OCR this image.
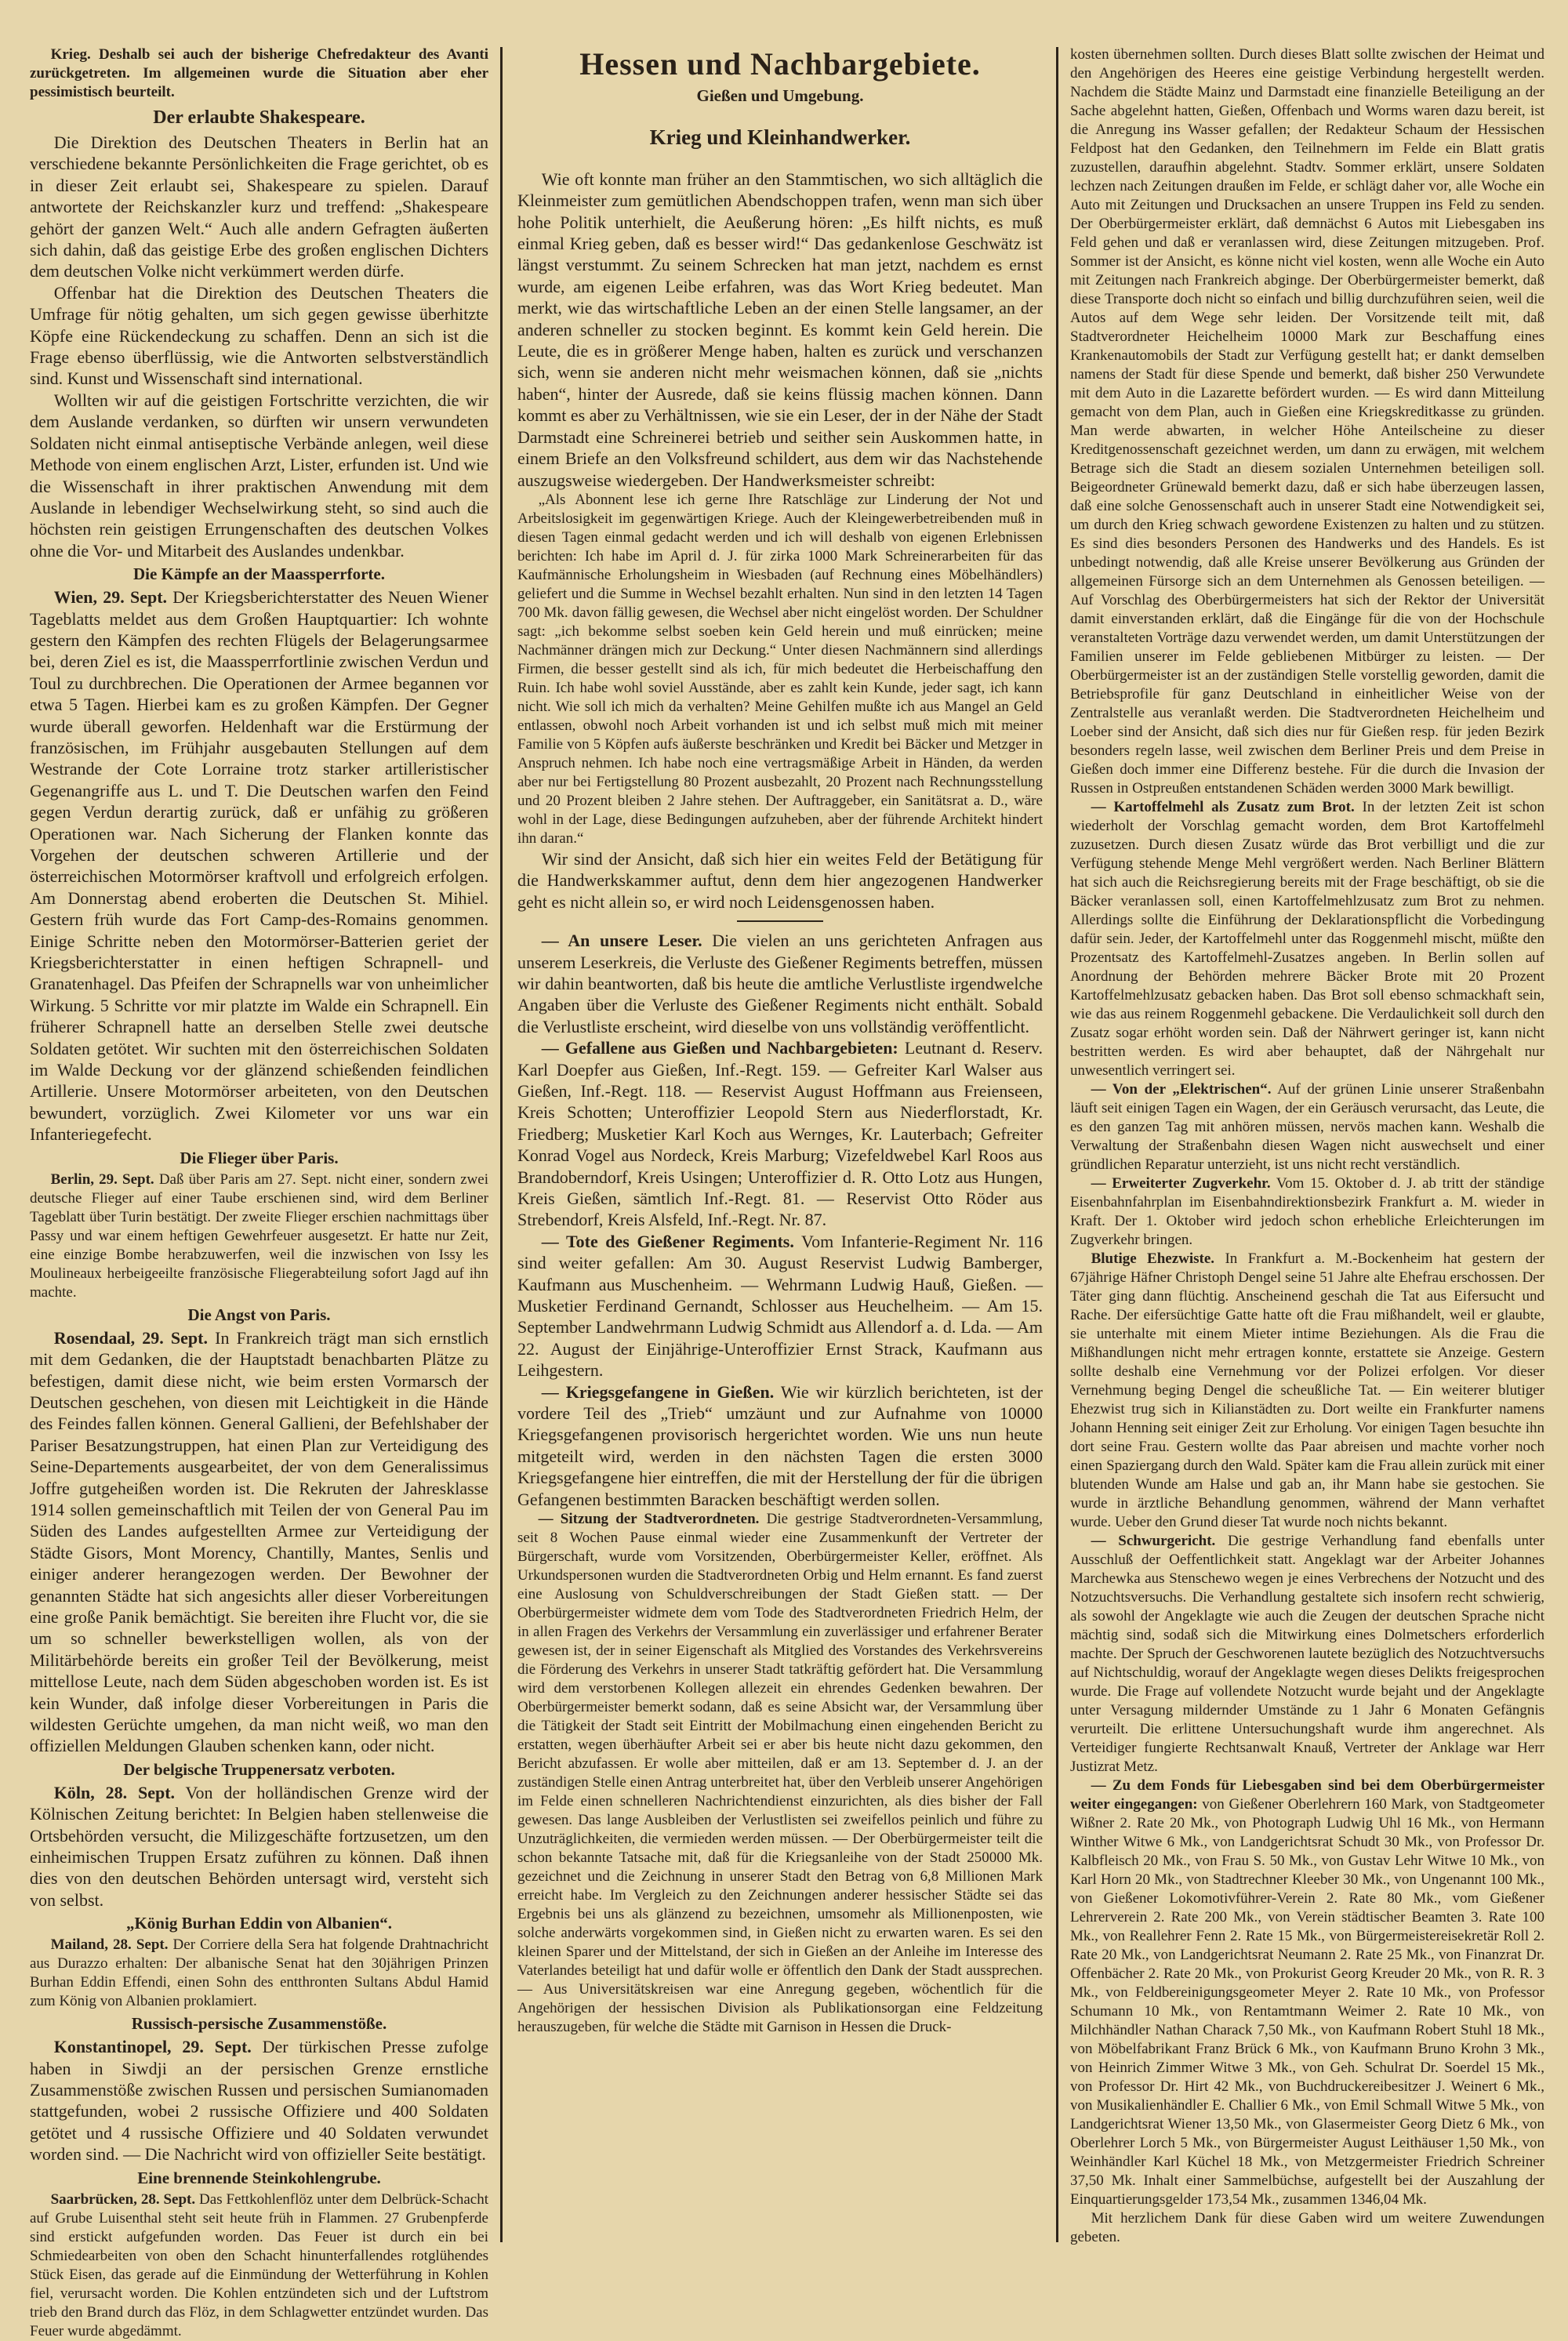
Krieg. Deshalb sei auch der bisherige Chefredakteur des Avanti zurückgetreten. Im allgemeinen wurde die Situation aber eher pessimistisch beurteilt.

Der erlaubte Shakespeare.

Die Direktion des Deutschen Theaters in Berlin hat an verschiedene bekannte Persönlichkeiten die Frage gerichtet, ob es in dieser Zeit erlaubt sei, Shakespeare zu spielen. Darauf antwortete der Reichskanzler kurz und treffend: „Shakespeare gehört der ganzen Welt.“ Auch alle andern Gefragten äußerten sich dahin, daß das geistige Erbe des großen englischen Dichters dem deutschen Volke nicht verkümmert werden dürfe.

Offenbar hat die Direktion des Deutschen Theaters die Umfrage für nötig gehalten, um sich gegen gewisse überhitzte Köpfe eine Rückendeckung zu schaffen. Denn an sich ist die Frage ebenso überflüssig, wie die Antworten selbstverständlich sind. Kunst und Wissenschaft sind international.

Wollten wir auf die geistigen Fortschritte verzichten, die wir dem Auslande verdanken, so dürften wir unsern verwundeten Soldaten nicht einmal antiseptische Verbände anlegen, weil diese Methode von einem englischen Arzt, Lister, erfunden ist. Und wie die Wissenschaft in ihrer praktischen Anwendung mit dem Auslande in lebendiger Wechselwirkung steht, so sind auch die höchsten rein geistigen Errungenschaften des deutschen Volkes ohne die Vor- und Mitarbeit des Auslandes undenkbar.

Die Kämpfe an der Maassperrforte.

Wien, 29. Sept. Der Kriegsberichterstatter des Neuen Wiener Tageblatts meldet aus dem Großen Hauptquartier: Ich wohnte gestern den Kämpfen des rechten Flügels der Belagerungsarmee bei, deren Ziel es ist, die Maassperrfortlinie zwischen Verdun und Toul zu durchbrechen. Die Operationen der Armee begannen vor etwa 5 Tagen. Hierbei kam es zu großen Kämpfen. Der Gegner wurde überall geworfen. Heldenhaft war die Erstürmung der französischen, im Frühjahr ausgebauten Stellungen auf dem Westrande der Cote Lorraine trotz starker artilleristischer Gegenangriffe aus L. und T. Die Deutschen warfen den Feind gegen Verdun derartig zurück, daß er unfähig zu größeren Operationen war. Nach Sicherung der Flanken konnte das Vorgehen der deutschen schweren Artillerie und der österreichischen Motormörser kraftvoll und erfolgreich erfolgen. Am Donnerstag abend eroberten die Deutschen St. Mihiel. Gestern früh wurde das Fort Camp-des-Romains genommen. Einige Schritte neben den Motormörser-Batterien geriet der Kriegsberichterstatter in einen heftigen Schrapnell- und Granatenhagel. Das Pfeifen der Schrapnells war von unheimlicher Wirkung. 5 Schritte vor mir platzte im Walde ein Schrapnell. Ein früherer Schrapnell hatte an derselben Stelle zwei deutsche Soldaten getötet. Wir suchten mit den österreichischen Soldaten im Walde Deckung vor der glänzend schießenden feindlichen Artillerie. Unsere Motormörser arbeiteten, von den Deutschen bewundert, vorzüglich. Zwei Kilometer vor uns war ein Infanteriegefecht.

Die Flieger über Paris.

Berlin, 29. Sept. Daß über Paris am 27. Sept. nicht einer, sondern zwei deutsche Flieger auf einer Taube erschienen sind, wird dem Berliner Tageblatt über Turin bestätigt. Der zweite Flieger erschien nachmittags über Passy und war einem heftigen Gewehrfeuer ausgesetzt. Er hatte nur Zeit, eine einzige Bombe herabzuwerfen, weil die inzwischen von Issy les Moulineaux herbeigeeilte französische Fliegerabteilung sofort Jagd auf ihn machte.

Die Angst von Paris.

Rosendaal, 29. Sept. In Frankreich trägt man sich ernstlich mit dem Gedanken, die der Hauptstadt benachbarten Plätze zu befestigen, damit diese nicht, wie beim ersten Vormarsch der Deutschen geschehen, von diesen mit Leichtigkeit in die Hände des Feindes fallen können. General Gallieni, der Befehlshaber der Pariser Besatzungstruppen, hat einen Plan zur Verteidigung des Seine-Departements ausgearbeitet, der von dem Generalissimus Joffre gutgeheißen worden ist. Die Rekruten der Jahresklasse 1914 sollen gemeinschaftlich mit Teilen der von General Pau im Süden des Landes aufgestellten Armee zur Verteidigung der Städte Gisors, Mont Morency, Chantilly, Mantes, Senlis und einiger anderer herangezogen werden. Der Bewohner der genannten Städte hat sich angesichts aller dieser Vorbereitungen eine große Panik bemächtigt. Sie bereiten ihre Flucht vor, die sie um so schneller bewerkstelligen wollen, als von der Militärbehörde bereits ein großer Teil der Bevölkerung, meist mittellose Leute, nach dem Süden abgeschoben worden ist. Es ist kein Wunder, daß infolge dieser Vorbereitungen in Paris die wildesten Gerüchte umgehen, da man nicht weiß, wo man den offiziellen Meldungen Glauben schenken kann, oder nicht.

Der belgische Truppenersatz verboten.

Köln, 28. Sept. Von der holländischen Grenze wird der Kölnischen Zeitung berichtet: In Belgien haben stellenweise die Ortsbehörden versucht, die Milizgeschäfte fortzusetzen, um den einheimischen Truppen Ersatz zuführen zu können. Daß ihnen dies von den deutschen Behörden untersagt wird, versteht sich von selbst.

„König Burhan Eddin von Albanien“.

Mailand, 28. Sept. Der Corriere della Sera hat folgende Drahtnachricht aus Durazzo erhalten: Der albanische Senat hat den 30jährigen Prinzen Burhan Eddin Effendi, einen Sohn des entthronten Sultans Abdul Hamid zum König von Albanien proklamiert.

Russisch-persische Zusammenstöße.

Konstantinopel, 29. Sept. Der türkischen Presse zufolge haben in Siwdji an der persischen Grenze ernstliche Zusammenstöße zwischen Russen und persischen Sumianomaden stattgefunden, wobei 2 russische Offiziere und 400 Soldaten getötet und 4 russische Offiziere und 40 Soldaten verwundet worden sind. — Die Nachricht wird von offizieller Seite bestätigt.

Eine brennende Steinkohlengrube.

Saarbrücken, 28. Sept. Das Fettkohlenflöz unter dem Delbrück-Schacht auf Grube Luisenthal steht seit heute früh in Flammen. 27 Grubenpferde sind erstickt aufgefunden worden. Das Feuer ist durch ein bei Schmiedearbeiten von oben den Schacht hinunterfallendes rotglühendes Stück Eisen, das gerade auf die Einmündung der Wetterführung in Kohlen fiel, verursacht worden. Die Kohlen entzündeten sich und der Luftstrom trieb den Brand durch das Flöz, in dem Schlagwetter entzündet wurden. Das Feuer wurde abgedämmt.

Hessen und Nachbargebiete.
Gießen und Umgebung.
Krieg und Kleinhandwerker.

Wie oft konnte man früher an den Stammtischen, wo sich alltäglich die Kleinmeister zum gemütlichen Abendschoppen trafen, wenn man sich über hohe Politik unterhielt, die Aeußerung hören: „Es hilft nichts, es muß einmal Krieg geben, daß es besser wird!“ Das gedankenlose Geschwätz ist längst verstummt. Zu seinem Schrecken hat man jetzt, nachdem es ernst wurde, am eigenen Leibe erfahren, was das Wort Krieg bedeutet. Man merkt, wie das wirtschaftliche Leben an der einen Stelle langsamer, an der anderen schneller zu stocken beginnt. Es kommt kein Geld herein. Die Leute, die es in größerer Menge haben, halten es zurück und verschanzen sich, wenn sie anderen nicht mehr weismachen können, daß sie „nichts haben“, hinter der Ausrede, daß sie keins flüssig machen können. Dann kommt es aber zu Verhältnissen, wie sie ein Leser, der in der Nähe der Stadt Darmstadt eine Schreinerei betrieb und seither sein Auskommen hatte, in einem Briefe an den Volksfreund schildert, aus dem wir das Nachstehende auszugsweise wiedergeben. Der Handwerksmeister schreibt:

„Als Abonnent lese ich gerne Ihre Ratschläge zur Linderung der Not und Arbeitslosigkeit im gegenwärtigen Kriege. Auch der Kleingewerbetreibenden muß in diesen Tagen einmal gedacht werden und ich will deshalb von eigenen Erlebnissen berichten: Ich habe im April d. J. für zirka 1000 Mark Schreinerarbeiten für das Kaufmännische Erholungsheim in Wiesbaden (auf Rechnung eines Möbelhändlers) geliefert und die Summe in Wechsel bezahlt erhalten. Nun sind in den letzten 14 Tagen 700 Mk. davon fällig gewesen, die Wechsel aber nicht eingelöst worden. Der Schuldner sagt: „ich bekomme selbst soeben kein Geld herein und muß einrücken; meine Nachmänner drängen mich zur Deckung.“ Unter diesen Nachmännern sind allerdings Firmen, die besser gestellt sind als ich, für mich bedeutet die Herbeischaffung den Ruin. Ich habe wohl soviel Ausstände, aber es zahlt kein Kunde, jeder sagt, ich kann nicht. Wie soll ich mich da verhalten? Meine Gehilfen mußte ich aus Mangel an Geld entlassen, obwohl noch Arbeit vorhanden ist und ich selbst muß mich mit meiner Familie von 5 Köpfen aufs äußerste beschränken und Kredit bei Bäcker und Metzger in Anspruch nehmen. Ich habe noch eine vertragsmäßige Arbeit in Händen, da werden aber nur bei Fertigstellung 80 Prozent ausbezahlt, 20 Prozent nach Rechnungsstellung und 20 Prozent bleiben 2 Jahre stehen. Der Auftraggeber, ein Sanitätsrat a. D., wäre wohl in der Lage, diese Bedingungen aufzuheben, aber der führende Architekt hindert ihn daran.“

Wir sind der Ansicht, daß sich hier ein weites Feld der Betätigung für die Handwerkskammer auftut, denn dem hier angezogenen Handwerker geht es nicht allein so, er wird noch Leidensgenossen haben.

— An unsere Leser. Die vielen an uns gerichteten Anfragen aus unserem Leserkreis, die Verluste des Gießener Regiments betreffen, müssen wir dahin beantworten, daß bis heute die amtliche Verlustliste irgendwelche Angaben über die Verluste des Gießener Regiments nicht enthält. Sobald die Verlustliste erscheint, wird dieselbe von uns vollständig veröffentlicht.

— Gefallene aus Gießen und Nachbargebieten: Leutnant d. Reserv. Karl Doepfer aus Gießen, Inf.-Regt. 159. — Gefreiter Karl Walser aus Gießen, Inf.-Regt. 118. — Reservist August Hoffmann aus Freienseen, Kreis Schotten; Unteroffizier Leopold Stern aus Niederflorstadt, Kr. Friedberg; Musketier Karl Koch aus Wernges, Kr. Lauterbach; Gefreiter Konrad Vogel aus Nordeck, Kreis Marburg; Vizefeldwebel Karl Roos aus Brandoberndorf, Kreis Usingen; Unteroffizier d. R. Otto Lotz aus Hungen, Kreis Gießen, sämtlich Inf.-Regt. 81. — Reservist Otto Röder aus Strebendorf, Kreis Alsfeld, Inf.-Regt. Nr. 87.

— Tote des Gießener Regiments. Vom Infanterie-Regiment Nr. 116 sind weiter gefallen: Am 30. August Reservist Ludwig Bamberger, Kaufmann aus Muschenheim. — Wehrmann Ludwig Hauß, Gießen. — Musketier Ferdinand Gernandt, Schlosser aus Heuchelheim. — Am 15. September Landwehrmann Ludwig Schmidt aus Allendorf a. d. Lda. — Am 22. August der Einjährige-Unteroffizier Ernst Strack, Kaufmann aus Leihgestern.

— Kriegsgefangene in Gießen. Wie wir kürzlich berichteten, ist der vordere Teil des „Trieb“ umzäunt und zur Aufnahme von 10000 Kriegsgefangenen provisorisch hergerichtet worden. Wie uns nun heute mitgeteilt wird, werden in den nächsten Tagen die ersten 3000 Kriegsgefangene hier eintreffen, die mit der Herstellung der für die übrigen Gefangenen bestimmten Baracken beschäftigt werden sollen.

— Sitzung der Stadtverordneten. Die gestrige Stadtverordneten-Versammlung, seit 8 Wochen Pause einmal wieder eine Zusammenkunft der Vertreter der Bürgerschaft, wurde vom Vorsitzenden, Oberbürgermeister Keller, eröffnet. Als Urkundspersonen wurden die Stadtverordneten Orbig und Helm ernannt. Es fand zuerst eine Auslosung von Schuldverschreibungen der Stadt Gießen statt. — Der Oberbürgermeister widmete dem vom Tode des Stadtverordneten Friedrich Helm, der in allen Fragen des Verkehrs der Versammlung ein zuverlässiger und erfahrener Berater gewesen ist, der in seiner Eigenschaft als Mitglied des Vorstandes des Verkehrsvereins die Förderung des Verkehrs in unserer Stadt tatkräftig gefördert hat. Die Versammlung wird dem verstorbenen Kollegen allezeit ein ehrendes Gedenken bewahren. Der Oberbürgermeister bemerkt sodann, daß es seine Absicht war, der Versammlung über die Tätigkeit der Stadt seit Eintritt der Mobilmachung einen eingehenden Bericht zu erstatten, wegen überhäufter Arbeit sei er aber bis heute nicht dazu gekommen, den Bericht abzufassen. Er wolle aber mitteilen, daß er am 13. September d. J. an der zuständigen Stelle einen Antrag unterbreitet hat, über den Verbleib unserer Angehörigen im Felde einen schnelleren Nachrichtendienst einzurichten, als dies bisher der Fall gewesen. Das lange Ausbleiben der Verlustlisten sei zweifellos peinlich und führe zu Unzuträglichkeiten, die vermieden werden müssen. — Der Oberbürgermeister teilt die schon bekannte Tatsache mit, daß für die Kriegsanleihe von der Stadt 250000 Mk. gezeichnet und die Zeichnung in unserer Stadt den Betrag von 6,8 Millionen Mark erreicht habe. Im Vergleich zu den Zeichnungen anderer hessischer Städte sei das Ergebnis bei uns als glänzend zu bezeichnen, umsomehr als Millionenposten, wie solche anderwärts vorgekommen sind, in Gießen nicht zu erwarten waren. Es sei den kleinen Sparer und der Mittelstand, der sich in Gießen an der Anleihe im Interesse des Vaterlandes beteiligt hat und dafür wolle er öffentlich den Dank der Stadt aussprechen. — Aus Universitätskreisen war eine Anregung gegeben, wöchentlich für die Angehörigen der hessischen Division als Publikationsorgan eine Feldzeitung herauszugeben, für welche die Städte mit Garnison in Hessen die Druck-

kosten übernehmen sollten. Durch dieses Blatt sollte zwischen der Heimat und den Angehörigen des Heeres eine geistige Verbindung hergestellt werden. Nachdem die Städte Mainz und Darmstadt eine finanzielle Beteiligung an der Sache abgelehnt hatten, Gießen, Offenbach und Worms waren dazu bereit, ist die Anregung ins Wasser gefallen; der Redakteur Schaum der Hessischen Feldpost hat den Gedanken, den Teilnehmern im Felde ein Blatt gratis zuzustellen, daraufhin abgelehnt. Stadtv. Sommer erklärt, unsere Soldaten lechzen nach Zeitungen draußen im Felde, er schlägt daher vor, alle Woche ein Auto mit Zeitungen und Drucksachen an unsere Truppen ins Feld zu senden. Der Oberbürgermeister erklärt, daß demnächst 6 Autos mit Liebesgaben ins Feld gehen und daß er veranlassen wird, diese Zeitungen mitzugeben. Prof. Sommer ist der Ansicht, es könne nicht viel kosten, wenn alle Woche ein Auto mit Zeitungen nach Frankreich abginge. Der Oberbürgermeister bemerkt, daß diese Transporte doch nicht so einfach und billig durchzuführen seien, weil die Autos auf dem Wege sehr leiden. Der Vorsitzende teilt mit, daß Stadtverordneter Heichelheim 10000 Mark zur Beschaffung eines Krankenautomobils der Stadt zur Verfügung gestellt hat; er dankt demselben namens der Stadt für diese Spende und bemerkt, daß bisher 250 Verwundete mit dem Auto in die Lazarette befördert wurden. — Es wird dann Mitteilung gemacht von dem Plan, auch in Gießen eine Kriegskreditkasse zu gründen. Man werde abwarten, in welcher Höhe Anteilscheine zu dieser Kreditgenossenschaft gezeichnet werden, um dann zu erwägen, mit welchem Betrage sich die Stadt an diesem sozialen Unternehmen beteiligen soll. Beigeordneter Grünewald bemerkt dazu, daß er sich habe überzeugen lassen, daß eine solche Genossenschaft auch in unserer Stadt eine Notwendigkeit sei, um durch den Krieg schwach gewordene Existenzen zu halten und zu stützen. Es sind dies besonders Personen des Handwerks und des Handels. Es ist unbedingt notwendig, daß alle Kreise unserer Bevölkerung aus Gründen der allgemeinen Fürsorge sich an dem Unternehmen als Genossen beteiligen. — Auf Vorschlag des Oberbürgermeisters hat sich der Rektor der Universität damit einverstanden erklärt, daß die Eingänge für die von der Hochschule veranstalteten Vorträge dazu verwendet werden, um damit Unterstützungen der Familien unserer im Felde gebliebenen Mitbürger zu leisten. — Der Oberbürgermeister ist an der zuständigen Stelle vorstellig geworden, damit die Betriebsprofile für ganz Deutschland in einheitlicher Weise von der Zentralstelle aus veranlaßt werden. Die Stadtverordneten Heichelheim und Loeber sind der Ansicht, daß sich dies nur für Gießen resp. für jeden Bezirk besonders regeln lasse, weil zwischen dem Berliner Preis und dem Preise in Gießen doch immer eine Differenz bestehe. Für die durch die Invasion der Russen in Ostpreußen entstandenen Schäden werden 3000 Mark bewilligt.

— Kartoffelmehl als Zusatz zum Brot. In der letzten Zeit ist schon wiederholt der Vorschlag gemacht worden, dem Brot Kartoffelmehl zuzusetzen. Durch diesen Zusatz würde das Brot verbilligt und die zur Verfügung stehende Menge Mehl vergrößert werden. Nach Berliner Blättern hat sich auch die Reichsregierung bereits mit der Frage beschäftigt, ob sie die Bäcker veranlassen soll, einen Kartoffelmehlzusatz zum Brot zu nehmen. Allerdings sollte die Einführung der Deklarationspflicht die Vorbedingung dafür sein. Jeder, der Kartoffelmehl unter das Roggenmehl mischt, müßte den Prozentsatz des Kartoffelmehl-Zusatzes angeben. In Berlin sollen auf Anordnung der Behörden mehrere Bäcker Brote mit 20 Prozent Kartoffelmehlzusatz gebacken haben. Das Brot soll ebenso schmackhaft sein, wie das aus reinem Roggenmehl gebackene. Die Verdaulichkeit soll durch den Zusatz sogar erhöht worden sein. Daß der Nährwert geringer ist, kann nicht bestritten werden. Es wird aber behauptet, daß der Nährgehalt nur unwesentlich verringert sei.

— Von der „Elektrischen“. Auf der grünen Linie unserer Straßenbahn läuft seit einigen Tagen ein Wagen, der ein Geräusch verursacht, das Leute, die es den ganzen Tag mit anhören müssen, nervös machen kann. Weshalb die Verwaltung der Straßenbahn diesen Wagen nicht auswechselt und einer gründlichen Reparatur unterzieht, ist uns nicht recht verständlich.

— Erweiterter Zugverkehr. Vom 15. Oktober d. J. ab tritt der ständige Eisenbahnfahrplan im Eisenbahndirektionsbezirk Frankfurt a. M. wieder in Kraft. Der 1. Oktober wird jedoch schon erhebliche Erleichterungen im Zugverkehr bringen.

Blutige Ehezwiste. In Frankfurt a. M.-Bockenheim hat gestern der 67jährige Häfner Christoph Dengel seine 51 Jahre alte Ehefrau erschossen. Der Täter ging dann flüchtig. Anscheinend geschah die Tat aus Eifersucht und Rache. Der eifersüchtige Gatte hatte oft die Frau mißhandelt, weil er glaubte, sie unterhalte mit einem Mieter intime Beziehungen. Als die Frau die Mißhandlungen nicht mehr ertragen konnte, erstattete sie Anzeige. Gestern sollte deshalb eine Vernehmung vor der Polizei erfolgen. Vor dieser Vernehmung beging Dengel die scheußliche Tat. — Ein weiterer blutiger Ehezwist trug sich in Kilianstädten zu. Dort weilte ein Frankfurter namens Johann Henning seit einiger Zeit zur Erholung. Vor einigen Tagen besuchte ihn dort seine Frau. Gestern wollte das Paar abreisen und machte vorher noch einen Spaziergang durch den Wald. Später kam die Frau allein zurück mit einer blutenden Wunde am Halse und gab an, ihr Mann habe sie gestochen. Sie wurde in ärztliche Behandlung genommen, während der Mann verhaftet wurde. Ueber den Grund dieser Tat wurde noch nichts bekannt.

— Schwurgericht. Die gestrige Verhandlung fand ebenfalls unter Ausschluß der Oeffentlichkeit statt. Angeklagt war der Arbeiter Johannes Marchewka aus Stenschewo wegen je eines Verbrechens der Notzucht und des Notzuchtsversuchs. Die Verhandlung gestaltete sich insofern recht schwierig, als sowohl der Angeklagte wie auch die Zeugen der deutschen Sprache nicht mächtig sind, sodaß sich die Mitwirkung eines Dolmetschers erforderlich machte. Der Spruch der Geschworenen lautete bezüglich des Notzuchtversuchs auf Nichtschuldig, worauf der Angeklagte wegen dieses Delikts freigesprochen wurde. Die Frage auf vollendete Notzucht wurde bejaht und der Angeklagte unter Versagung mildernder Umstände zu 1 Jahr 6 Monaten Gefängnis verurteilt. Die erlittene Untersuchungshaft wurde ihm angerechnet. Als Verteidiger fungierte Rechtsanwalt Knauß, Vertreter der Anklage war Herr Justizrat Metz.

— Zu dem Fonds für Liebesgaben sind bei dem Oberbürgermeister weiter eingegangen: von Gießener Oberlehrern 160 Mark, von Stadtgeometer Wißner 2. Rate 20 Mk., von Photograph Ludwig Uhl 16 Mk., von Hermann Winther Witwe 6 Mk., von Landgerichtsrat Schudt 30 Mk., von Professor Dr. Kalbfleisch 20 Mk., von Frau S. 50 Mk., von Gustav Lehr Witwe 10 Mk., von Karl Horn 20 Mk., von Stadtrechner Kleeber 30 Mk., von Ungenannt 100 Mk., von Gießener Lokomotivführer-Verein 2. Rate 80 Mk., vom Gießener Lehrerverein 2. Rate 200 Mk., von Verein städtischer Beamten 3. Rate 100 Mk., von Reallehrer Fenn 2. Rate 15 Mk., von Bürgermeistereisekretär Roll 2. Rate 20 Mk., von Landgerichtsrat Neumann 2. Rate 25 Mk., von Finanzrat Dr. Offenbächer 2. Rate 20 Mk., von Prokurist Georg Kreuder 20 Mk., von R. R. 3 Mk., von Feldbereinigungsgeometer Meyer 2. Rate 10 Mk., von Professor Schumann 10 Mk., von Rentamtmann Weimer 2. Rate 10 Mk., von Milchhändler Nathan Charack 7,50 Mk., von Kaufmann Robert Stuhl 18 Mk., von Möbelfabrikant Franz Brück 6 Mk., von Kaufmann Bruno Krohn 3 Mk., von Heinrich Zimmer Witwe 3 Mk., von Geh. Schulrat Dr. Soerdel 15 Mk., von Professor Dr. Hirt 42 Mk., von Buchdruckereibesitzer J. Weinert 6 Mk., von Musikalienhändler E. Challier 6 Mk., von Emil Schmall Witwe 5 Mk., von Landgerichtsrat Wiener 13,50 Mk., von Glasermeister Georg Dietz 6 Mk., von Oberlehrer Lorch 5 Mk., von Bürgermeister August Leithäuser 1,50 Mk., von Weinhändler Karl Küchel 18 Mk., von Metzgermeister Friedrich Schreiner 37,50 Mk. Inhalt einer Sammelbüchse, aufgestellt bei der Auszahlung der Einquartierungsgelder 173,54 Mk., zusammen 1346,04 Mk.

Mit herzlichem Dank für diese Gaben wird um weitere Zuwendungen gebeten.
